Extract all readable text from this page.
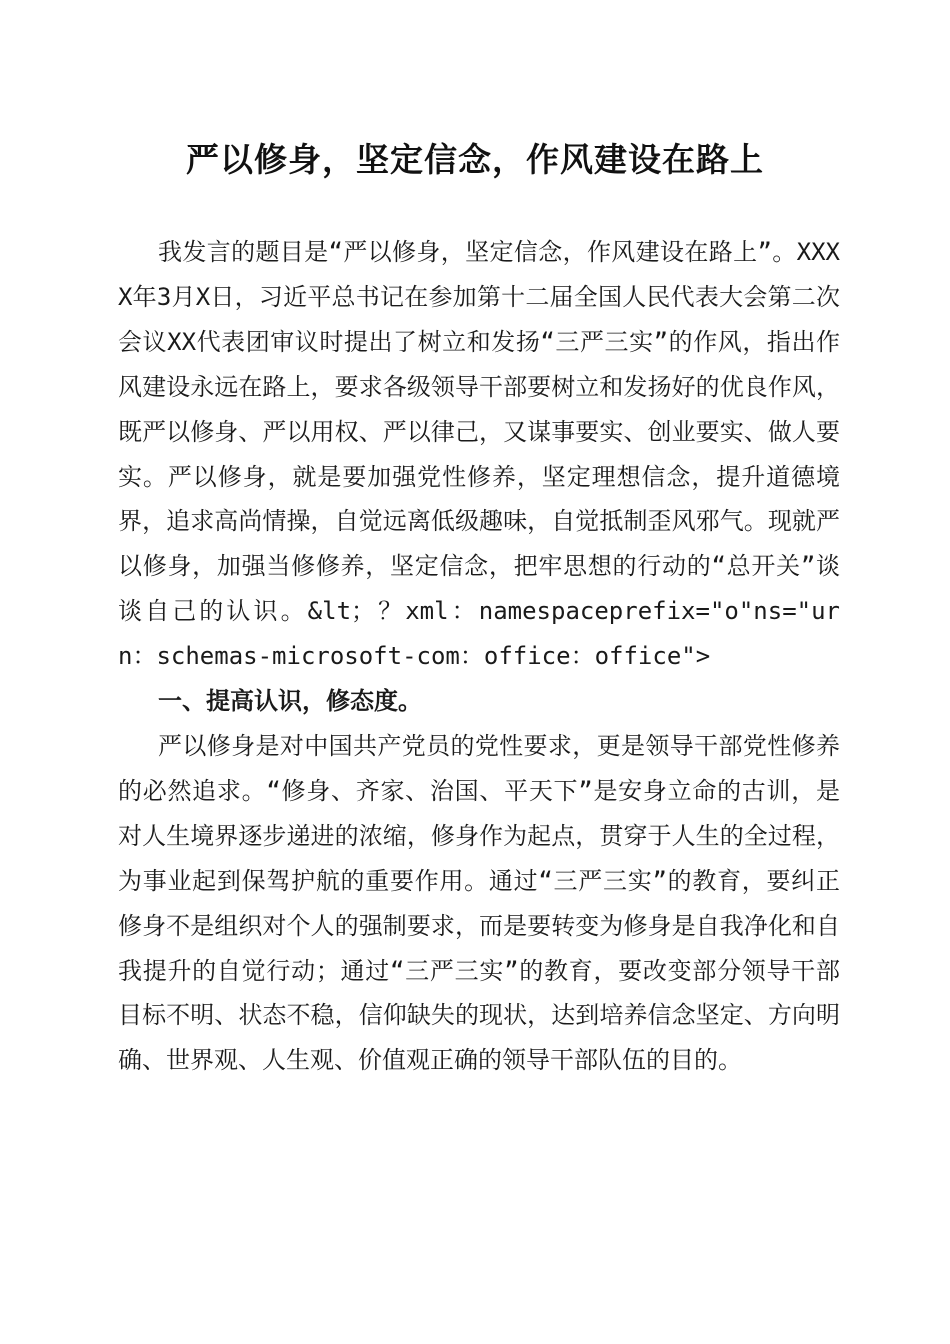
严以修身，坚定信念，作风建设在路上

我发言的题目是“严以修身，坚定信念，作风建设在路上”。XXXX年3月X日，习近平总书记在参加第十二届全国人民代表大会第二次会议XX代表团审议时提出了树立和发扬“三严三实”的作风，指出作风建设永远在路上，要求各级领导干部要树立和发扬好的优良作风，既严以修身、严以用权、严以律己，又谋事要实、创业要实、做人要实。严以修身，就是要加强党性修养，坚定理想信念，提升道德境界，追求高尚情操，自觉远离低级趣味，自觉抵制歪风邪气。现就严以修身，加强当修修养，坚定信念，把牢思想的行动的“总开关”谈谈自己的认识。&lt；？xml：namespaceprefix="o"ns="urn：schemas-microsoft-com：office：office">

一、提高认识，修态度。

严以修身是对中国共产党员的党性要求，更是领导干部党性修养的必然追求。“修身、齐家、治国、平天下”是安身立命的古训，是对人生境界逐步递进的浓缩，修身作为起点，贯穿于人生的全过程，为事业起到保驾护航的重要作用。通过“三严三实”的教育，要纠正修身不是组织对个人的强制要求，而是要转变为修身是自我净化和自我提升的自觉行动；通过“三严三实”的教育，要改变部分领导干部目标不明、状态不稳，信仰缺失的现状，达到培养信念坚定、方向明确、世界观、人生观、价值观正确的领导干部队伍的目的。
